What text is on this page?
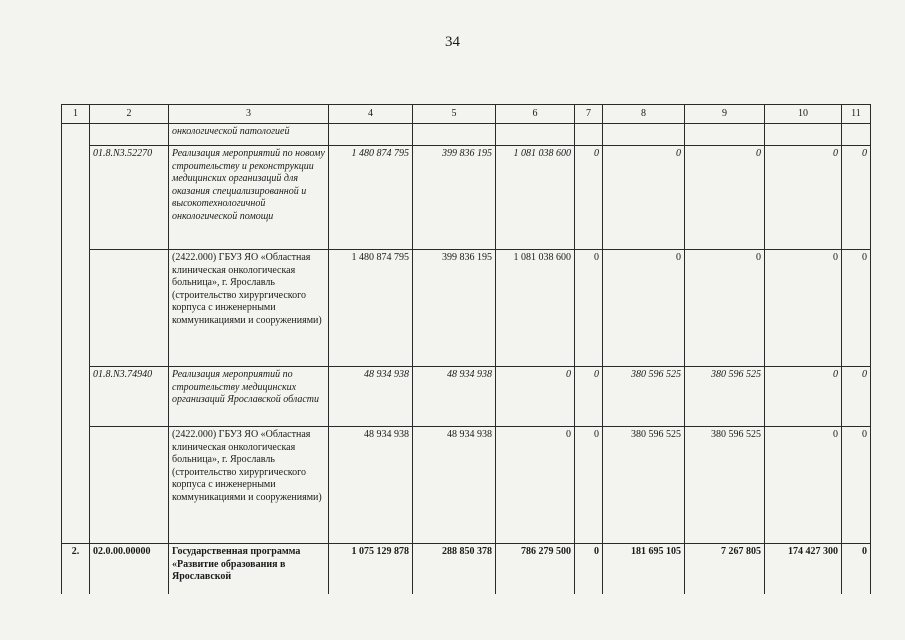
34
1	2	3	4	5	6	7	8	9	10	11
		онкологической патологией								
	01.8.N3.52270	Реализация мероприятий по новому строительству и реконструкции медицинских организаций для оказания специализированной и высокотехнологичной онкологической помощи	1 480 874 795	399 836 195	1 081 038 600	0	0	0	0	0
		(2422.000) ГБУЗ ЯО «Областная клиническая онкологическая больница», г. Ярославль (строительство хирургического корпуса с инженерными коммуникациями и сооружениями)	1 480 874 795	399 836 195	1 081 038 600	0	0	0	0	0
	01.8.N3.74940	Реализация мероприятий по строительству медицинских организаций Ярославской области	48 934 938	48 934 938	0	0	380 596 525	380 596 525	0	0
		(2422.000) ГБУЗ ЯО «Областная клиническая онкологическая больница», г. Ярославль (строительство хирургического корпуса с инженерными коммуникациями и сооружениями)	48 934 938	48 934 938	0	0	380 596 525	380 596 525	0	0
2.	02.0.00.00000	Государственная программа «Развитие образования в Ярославской	1 075 129 878	288 850 378	786 279 500	0	181 695 105	7 267 805	174 427 300	0
